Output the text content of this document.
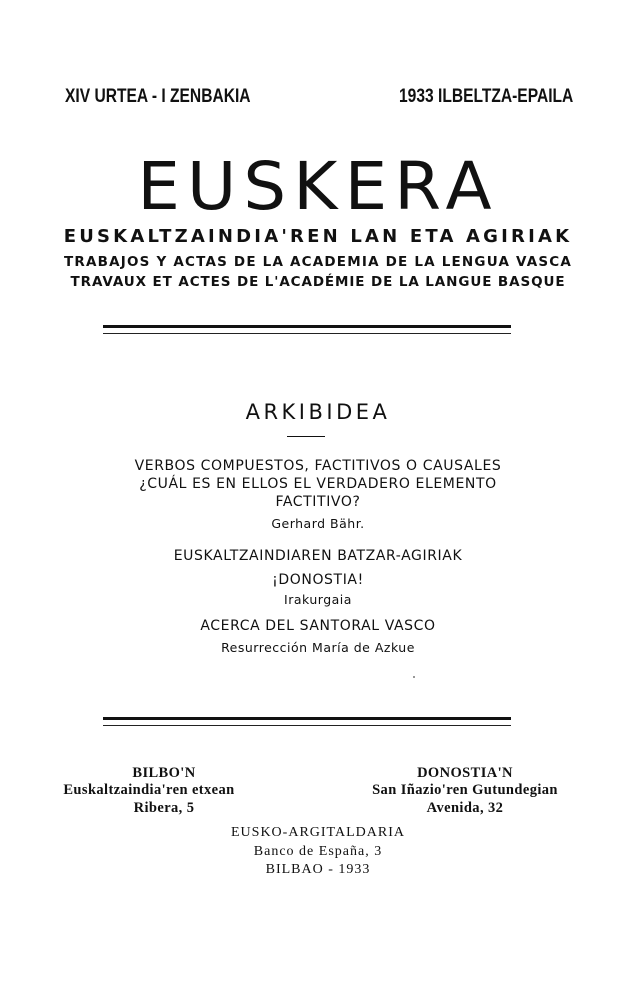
XIV URTEA - I ZENBAKIA	1933 ILBELTZA-EPAILA
EUSKERA
EUSKALTZAINDIA'REN LAN ETA AGIRIAK
TRABAJOS Y ACTAS DE LA ACADEMIA DE LA LENGUA VASCA
TRAVAUX ET ACTES DE L'ACADÉMIE DE LA LANGUE BASQUE
ARKIBIDEA
VERBOS COMPUESTOS, FACTITIVOS O CAUSALES
¿CUÁL ES EN ELLOS EL VERDADERO ELEMENTO
FACTITIVO?
Gerhard Bähr.
EUSKALTZAINDIAREN BATZAR-AGIRIAK
¡DONOSTIA!
Irakurgaia
ACERCA DEL SANTORAL VASCO
Resurrección María de Azkue
BILBO'N
Euskaltzaindia'ren etxean
Ribera, 5
DONOSTIA'N
San Iñazio'ren Gutundegian
Avenida, 32
EUSKO-ARGITALDARIA
Banco de España, 3
BILBAO - 1933
